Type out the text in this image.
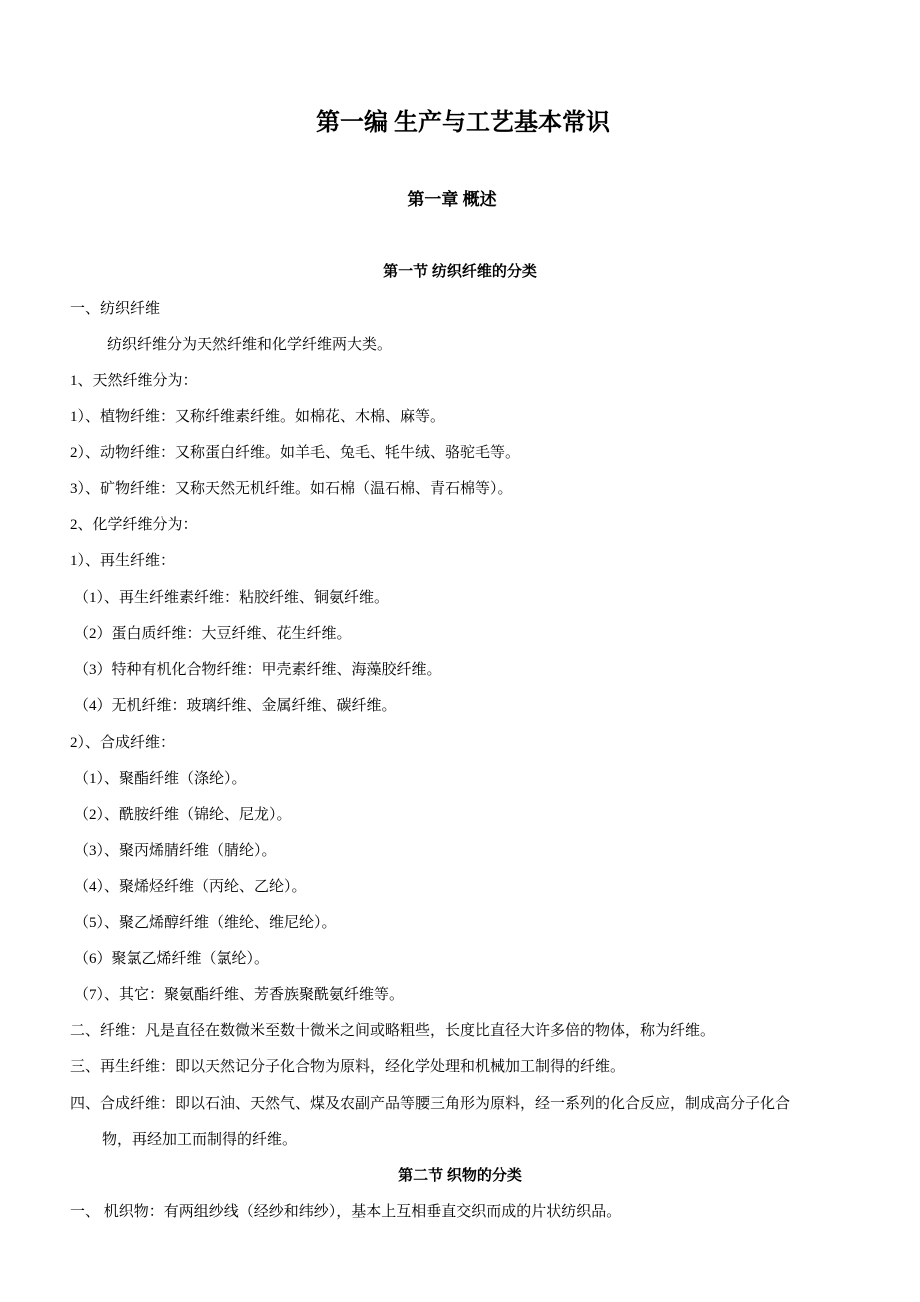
第一编 生产与工艺基本常识
第一章 概述
第一节 纺织纤维的分类
一、纺织纤维
纺织纤维分为天然纤维和化学纤维两大类。
1、天然纤维分为：
1）、植物纤维：又称纤维素纤维。如棉花、木棉、麻等。
2）、动物纤维：又称蛋白纤维。如羊毛、兔毛、牦牛绒、骆驼毛等。
3）、矿物纤维：又称天然无机纤维。如石棉（温石棉、青石棉等）。
2、化学纤维分为：
1）、再生纤维：
（1）、再生纤维素纤维：粘胶纤维、铜氨纤维。
（2）蛋白质纤维：大豆纤维、花生纤维。
（3）特种有机化合物纤维：甲壳素纤维、海藻胶纤维。
（4）无机纤维：玻璃纤维、金属纤维、碳纤维。
2）、合成纤维：
（1）、聚酯纤维（涤纶）。
（2）、酰胺纤维（锦纶、尼龙）。
（3）、聚丙烯腈纤维（腈纶）。
（4）、聚烯烃纤维（丙纶、乙纶）。
（5）、聚乙烯醇纤维（维纶、维尼纶）。
（6）聚氯乙烯纤维（氯纶）。
（7）、其它：聚氨酯纤维、芳香族聚酰氨纤维等。
二、纤维：凡是直径在数微米至数十微米之间或略粗些，长度比直径大许多倍的物体，称为纤维。
三、再生纤维：即以天然记分子化合物为原料，经化学处理和机械加工制得的纤维。
四、合成纤维：即以石油、天然气、煤及农副产品等腰三角形为原料，经一系列的化合反应，制成高分子化合
物，再经加工而制得的纤维。
第二节 织物的分类
一、 机织物：有两组纱线（经纱和纬纱），基本上互相垂直交织而成的片状纺织品。
